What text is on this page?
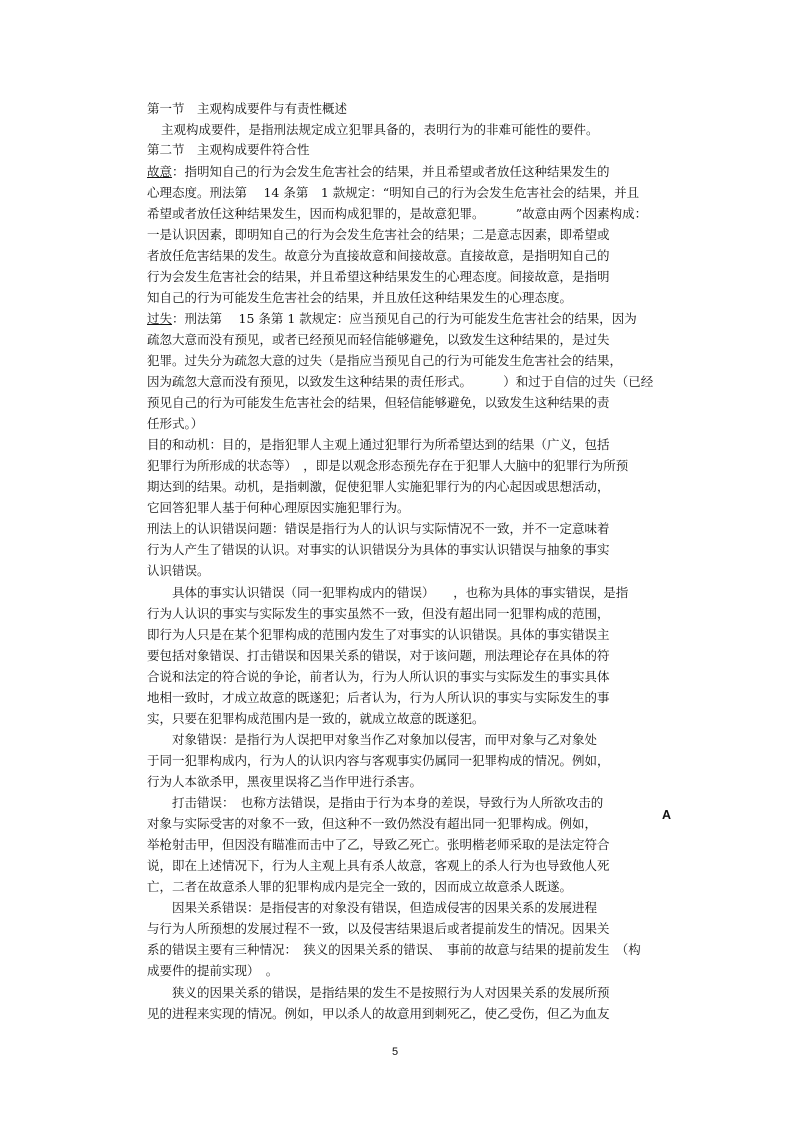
第一节　主观构成要件与有责性概述
主观构成要件，是指刑法规定成立犯罪具备的，表明行为的非难可能性的要件。
第二节　主观构成要件符合性
故意：指明知自己的行为会发生危害社会的结果，并且希望或者放任这种结果发生的
心理态度。刑法第　 14 条第　1 款规定：“明知自己的行为会发生危害社会的结果，并且
希望或者放任这种结果发生，因而构成犯罪的，是故意犯罪。　　　”故意由两个因素构成：
一是认识因素，即明知自己的行为会发生危害社会的结果；二是意志因素，即希望或
者放任危害结果的发生。故意分为直接故意和间接故意。直接故意，是指明知自己的
行为会发生危害社会的结果，并且希望这种结果发生的心理态度。间接故意，是指明
知自己的行为可能发生危害社会的结果，并且放任这种结果发生的心理态度。
过失：刑法第　 15 条第 1 款规定：应当预见自己的行为可能发生危害社会的结果，因为
疏忽大意而没有预见，或者已经预见而轻信能够避免，以致发生这种结果的，是过失
犯罪。过失分为疏忽大意的过失（是指应当预见自己的行为可能发生危害社会的结果，
因为疏忽大意而没有预见，以致发生这种结果的责任形式。　　　）和过于自信的过失（已经
预见自己的行为可能发生危害社会的结果，但轻信能够避免，以致发生这种结果的责
任形式。）
目的和动机：目的，是指犯罪人主观上通过犯罪行为所希望达到的结果（广义，包括
犯罪行为所形成的状态等）　，即是以观念形态预先存在于犯罪人大脑中的犯罪行为所预
期达到的结果。动机，是指刺激，促使犯罪人实施犯罪行为的内心起因或思想活动，
它回答犯罪人基于何种心理原因实施犯罪行为。
刑法上的认识错误问题：错误是指行为人的认识与实际情况不一致，并不一定意味着
行为人产生了错误的认识。对事实的认识错误分为具体的事实认识错误与抽象的事实
认识错误。
　　具体的事实认识错误（同一犯罪构成内的错误）　　，也称为具体的事实错误，是指
行为人认识的事实与实际发生的事实虽然不一致，但没有超出同一犯罪构成的范围，
即行为人只是在某个犯罪构成的范围内发生了对事实的认识错误。具体的事实错误主
要包括对象错误、打击错误和因果关系的错误，对于该问题，刑法理论存在具体的符
合说和法定的符合说的争论，前者认为，行为人所认识的事实与实际发生的事实具体
地相一致时，才成立故意的既遂犯；后者认为，行为人所认识的事实与实际发生的事
实，只要在犯罪构成范围内是一致的，就成立故意的既遂犯。
　　对象错误：是指行为人误把甲对象当作乙对象加以侵害，而甲对象与乙对象处
于同一犯罪构成内，行为人的认识内容与客观事实仍属同一犯罪构成的情况。例如，
行为人本欲杀甲，黑夜里误将乙当作甲进行杀害。
　　打击错误：　也称方法错误，是指由于行为本身的差误，导致行为人所欲攻击的
对象与实际受害的对象不一致，但这种不一致仍然没有超出同一犯罪构成。例如，
A
举枪射击甲，但因没有瞄准而击中了乙，导致乙死亡。张明楷老师采取的是法定符合
说，即在上述情况下，行为人主观上具有杀人故意，客观上的杀人行为也导致他人死
亡，二者在故意杀人罪的犯罪构成内是完全一致的，因而成立故意杀人既遂。
　　因果关系错误：是指侵害的对象没有错误，但造成侵害的因果关系的发展进程
与行为人所预想的发展过程不一致，以及侵害结果退后或者提前发生的情况。因果关
系的错误主要有三种情况：　狭义的因果关系的错误、　事前的故意与结果的提前发生　（构
成要件的提前实现）　。
　　狭义的因果关系的错误，是指结果的发生不是按照行为人对因果关系的发展所预
见的进程来实现的情况。例如，甲以杀人的故意用到刺死乙，使乙受伤，但乙为血友
5
